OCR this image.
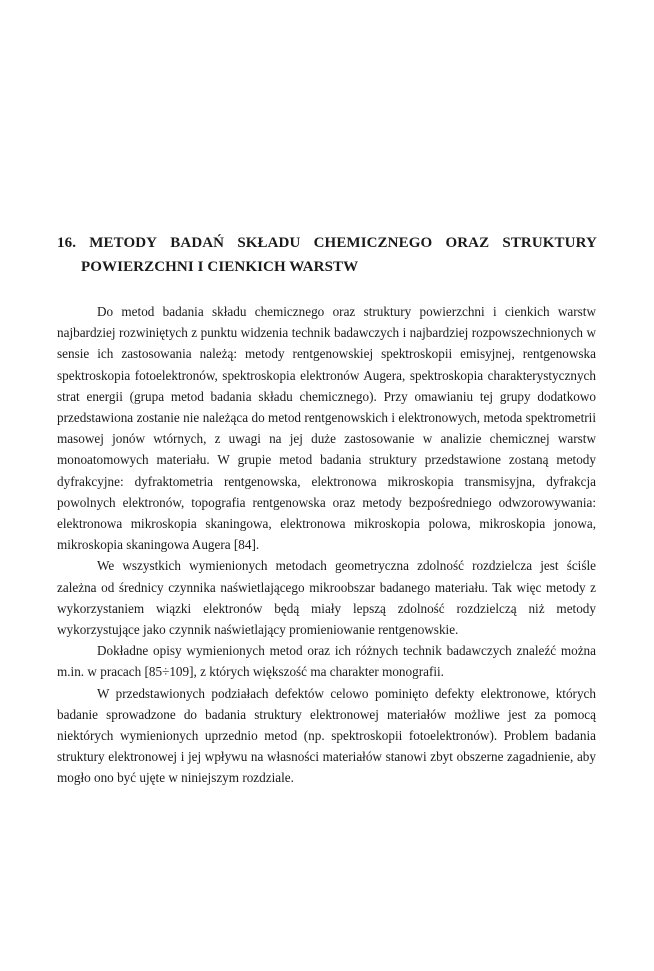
16. METODY BADAŃ SKŁADU CHEMICZNEGO ORAZ STRUKTURY
POWIERZCHNI I CIENKICH WARSTW

Do metod badania składu chemicznego oraz struktury powierzchni i cienkich warstw najbardziej rozwiniętych z punktu widzenia technik badawczych i najbardziej rozpowszechnionych w sensie ich zastosowania należą: metody rentgenowskiej spektroskopii emisyjnej, rentgenowska spektroskopia fotoelektronów, spektroskopia elektronów Augera, spektroskopia charakterystycznych strat energii (grupa metod badania składu chemicznego). Przy omawianiu tej grupy dodatkowo przedstawiona zostanie nie należąca do metod rentgenowskich i elektronowych, metoda spektrometrii masowej jonów wtórnych, z uwagi na jej duże zastosowanie w analizie chemicznej warstw monoatomowych materiału. W grupie metod badania struktury przedstawione zostaną metody dyfrakcyjne: dyfraktometria rentgenowska, elektronowa mikroskopia transmisyjna, dyfrakcja powolnych elektronów, topografia rentgenowska oraz metody bezpośredniego odwzorowywania: elektronowa mikroskopia skaningowa, elektronowa mikroskopia polowa, mikroskopia jonowa, mikroskopia skaningowa Augera [84].

We wszystkich wymienionych metodach geometryczna zdolność rozdzielcza jest ściśle zależna od średnicy czynnika naświetlającego mikroobszar badanego materiału. Tak więc metody z wykorzystaniem wiązki elektronów będą miały lepszą zdolność rozdzielczą niż metody wykorzystujące jako czynnik naświetlający promieniowanie rentgenowskie.

Dokładne opisy wymienionych metod oraz ich różnych technik badawczych znaleźć można m.in. w pracach [85÷109], z których większość ma charakter monografii.

W przedstawionych podziałach defektów celowo pominięto defekty elektronowe, których badanie sprowadzone do badania struktury elektronowej materiałów możliwe jest za pomocą niektórych wymienionych uprzednio metod (np. spektroskopii fotoelektronów). Problem badania struktury elektronowej i jej wpływu na własności materiałów stanowi zbyt obszerne zagadnienie, aby mogło ono być ujęte w niniejszym rozdziale.
